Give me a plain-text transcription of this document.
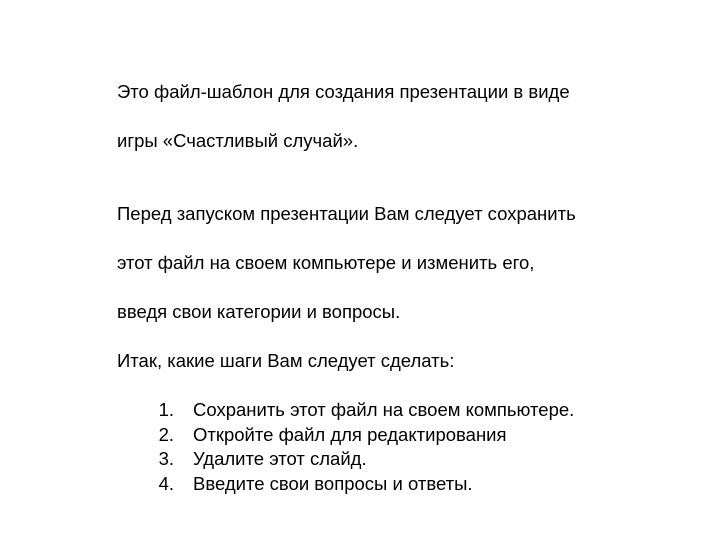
Это файл-шаблон для создания презентации в виде

игры «Счастливый случай».

Перед запуском презентации Вам следует сохранить

этот файл на своем компьютере и изменить его,

введя свои категории и вопросы.

Итак, какие шаги Вам следует сделать:

1.	Сохранить этот файл на своем компьютере.
2.	Откройте файл для редактирования
3.	Удалите этот слайд.
4.	Введите свои вопросы и ответы.
